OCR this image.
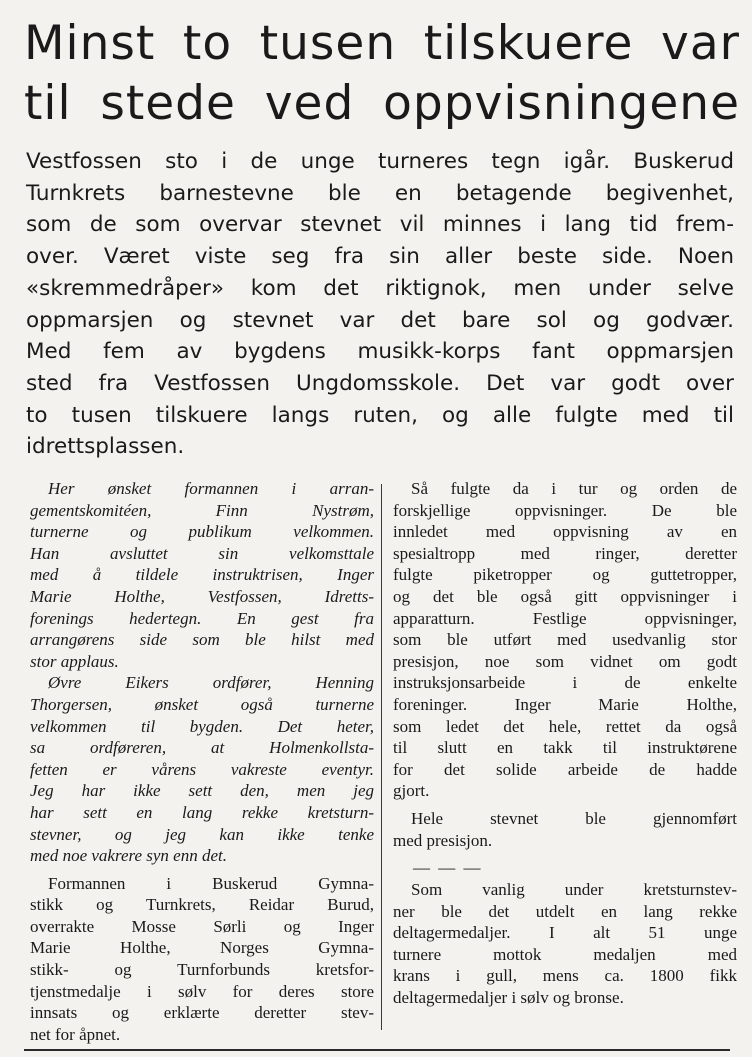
Minst to tusen tilskuere var
til stede ved oppvisningene
Vestfossen sto i de unge turneres tegn igår. Buskerud
Turnkrets barnestevne ble en betagende begivenhet,
som de som overvar stevnet vil minnes i lang tid frem-
over. Været viste seg fra sin aller beste side. Noen
«skremmedråper» kom det riktignok, men under selve
oppmarsjen og stevnet var det bare sol og godvær.
Med fem av bygdens musikk-korps fant oppmarsjen
sted fra Vestfossen Ungdomsskole. Det var godt over
to tusen tilskuere langs ruten, og alle fulgte med til
idrettsplassen.
Her ønsket formannen i arran-
gementskomitéen, Finn Nystrøm,
turnerne og publikum velkommen.
Han avsluttet sin velkomsttale
med å tildele instruktrisen, Inger
Marie Holthe, Vestfossen, Idretts-
forenings hedertegn. En gest fra
arrangørens side som ble hilst med
stor applaus.
Øvre Eikers ordfører, Henning
Thorgersen, ønsket også turnerne
velkommen til bygden. Det heter,
sa ordføreren, at Holmenkollsta-
fetten er vårens vakreste eventyr.
Jeg har ikke sett den, men jeg
har sett en lang rekke kretsturn-
stevner, og jeg kan ikke tenke
med noe vakrere syn enn det.
Formannen i Buskerud Gymna-
stikk og Turnkrets, Reidar Burud,
overrakte Mosse Sørli og Inger
Marie Holthe, Norges Gymna-
stikk- og Turnforbunds kretsfor-
tjenstmedalje i sølv for deres store
innsats og erklærte deretter stev-
net for åpnet.
Så fulgte da i tur og orden de
forskjellige oppvisninger. De ble
innledet med oppvisning av en
spesialtropp med ringer, deretter
fulgte piketropper og guttetropper,
og det ble også gitt oppvisninger i
apparatturn. Festlige oppvisninger,
som ble utført med usedvanlig stor
presisjon, noe som vidnet om godt
instruksjonsarbeide i de enkelte
foreninger. Inger Marie Holthe,
som ledet det hele, rettet da også
til slutt en takk til instruktørene
for det solide arbeide de hadde
gjort.
Hele stevnet ble gjennomført
med presisjon.
— — —
Som vanlig under kretsturnstev-
ner ble det utdelt en lang rekke
deltagermedaljer. I alt 51 unge
turnere mottok medaljen med
krans i gull, mens ca. 1800 fikk
deltagermedaljer i sølv og bronse.
